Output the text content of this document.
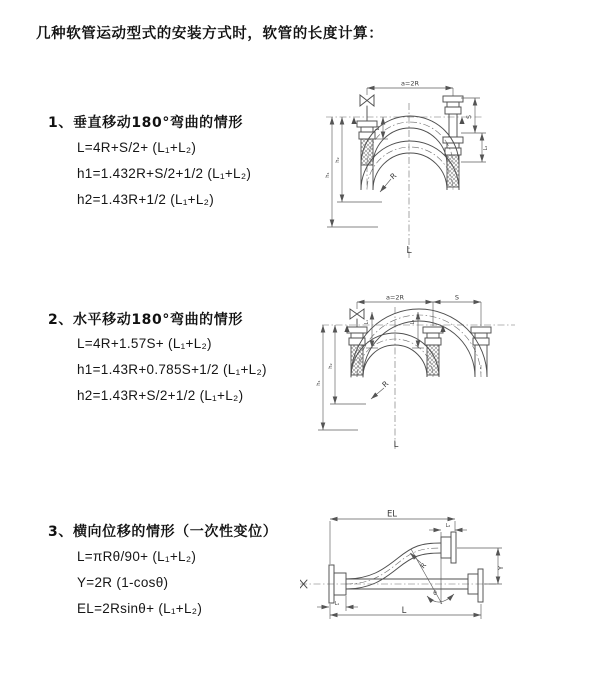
几种软管运动型式的安装方式时，软管的长度计算：
1、垂直移动180°弯曲的情形
L=4R+S/2+ (L₁+L₂)
h1=1.432R+S/2+1/2 (L₁+L₂)
h2=1.43R+1/2 (L₁+L₂)
2、水平移动180°弯曲的情形
L=4R+1.57S+ (L₁+L₂)
h1=1.43R+0.785S+1/2 (L₁+L₂)
h2=1.43R+S/2+1/2 (L₁+L₂)
3、横向位移的情形（一次性变位）
L=πRθ/90+ (L₁+L₂)
Y=2R (1-cosθ)
EL=2Rsinθ+ (L₁+L₂)
a=2R
S
L₂
L₁
h₂
h₁	R
L
a=2R	S
h₂
h₁
L₁	L₂
R
L
EL
L₂
Y
R
θ
L
L₁
